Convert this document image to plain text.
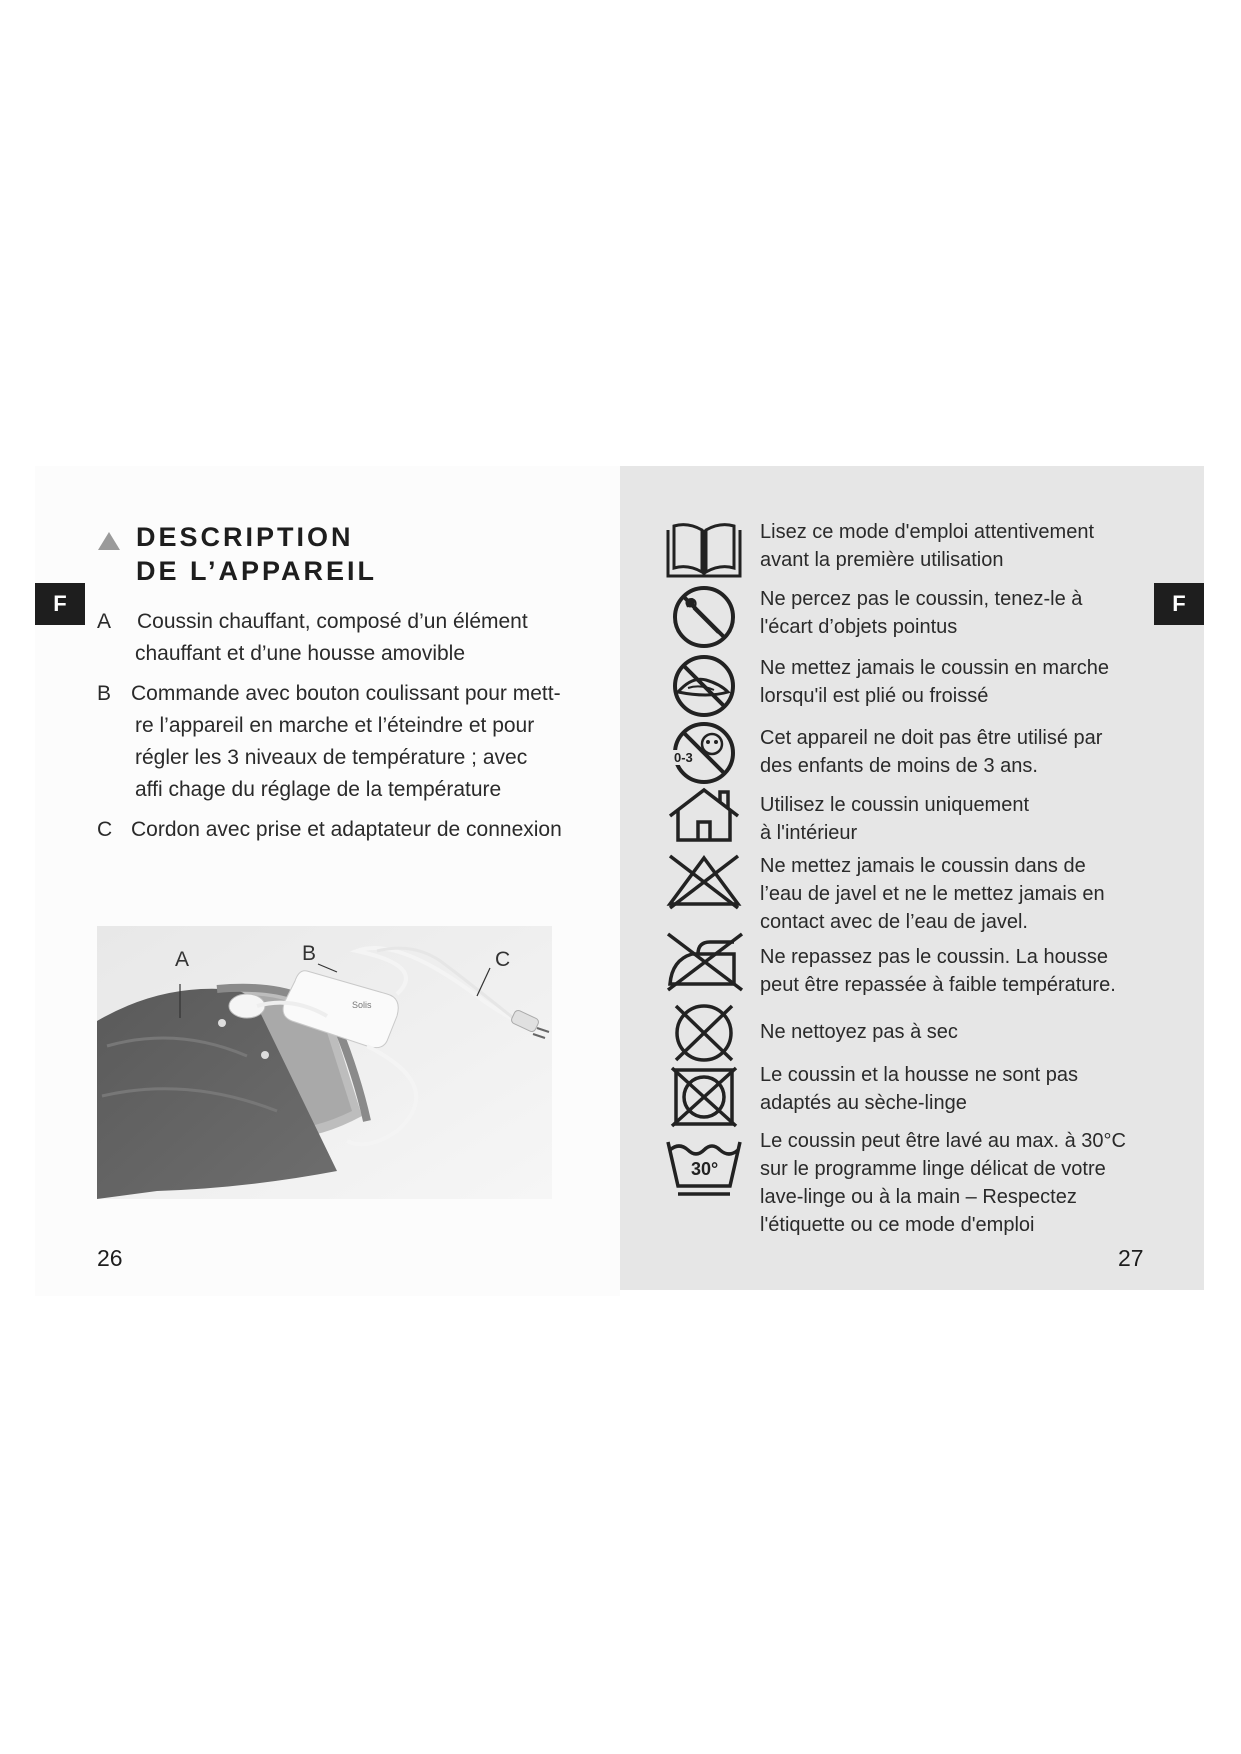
F	F
DESCRIPTION
DE L’APPAREIL
A Coussin chauffant, composé d’un élément
chauffant et d’une housse amovible
B Commande avec bouton coulissant pour mett-
re l’appareil en marche et l’éteindre et pour
régler les 3 niveaux de température ; avec
affi chage du réglage de la température
C Cordon avec prise et adaptateur de connexion
Solis
A	B	C
26	27
0-3
30°
Lisez ce mode d'emploi attentivement
avant la première utilisation
Ne percez pas le coussin, tenez-le à
l'écart d’objets pointus
Ne mettez jamais le coussin en marche
lorsqu'il est plié ou froissé
Cet appareil ne doit pas être utilisé par
des enfants de moins de 3 ans.
Utilisez le coussin uniquement
à l'intérieur
Ne mettez jamais le coussin dans de
l’eau de javel et ne le mettez jamais en
contact avec de l’eau de javel.
Ne repassez pas le coussin. La housse
peut être repassée à faible température.
Ne nettoyez pas à sec
Le coussin et la housse ne sont pas
adaptés au sèche-linge
Le coussin peut être lavé au max. à 30°C
sur le programme linge délicat de votre
lave-linge ou à la main – Respectez
l'étiquette ou ce mode d'emploi
